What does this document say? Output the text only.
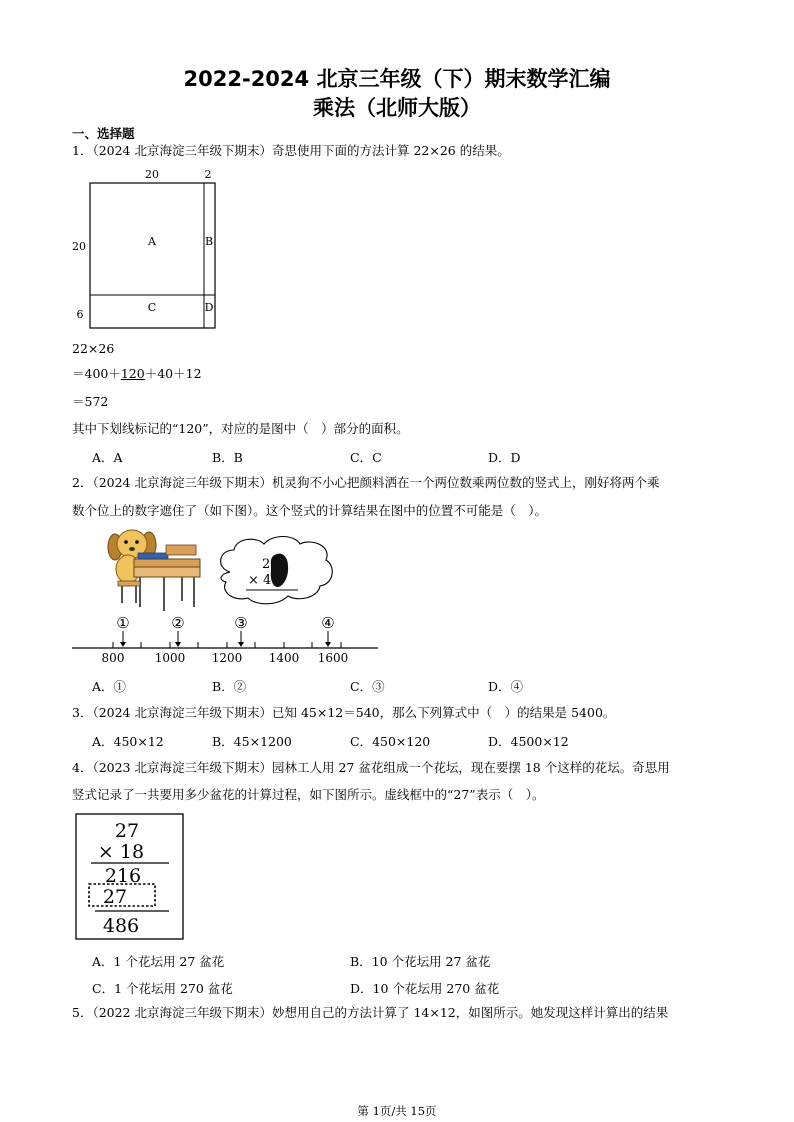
2022-2024 北京三年级（下）期末数学汇编
乘法（北师大版）
一、选择题
1．（2024 北京海淀三年级下期末）奇思使用下面的方法计算 22×26 的结果。
20	2
20
6
A	B
C	D
22×26
＝400＋120＋40＋12
＝572
其中下划线标记的“120”，对应的是图中（　）部分的面积。
A．A	B．B	C．C	D．D
2．（2024 北京海淀三年级下期末）机灵狗不小心把颜料洒在一个两位数乘两位数的竖式上，刚好将两个乘
数个位上的数字遮住了（如下图）。这个竖式的计算结果在图中的位置不可能是（　）。
2
× 4
①	②	③	④
800	1000 1200 1400 1600
A．①	B．②	C．③	D．④
3．（2024 北京海淀三年级下期末）已知 45×12＝540，那么下列算式中（　）的结果是 5400。
A．450×12	B．45×1200	C．450×120	D．4500×12
4．（2023 北京海淀三年级下期末）园林工人用 27 盆花组成一个花坛，现在要摆 18 个这样的花坛。奇思用
竖式记录了一共要用多少盆花的计算过程，如下图所示。虚线框中的“27”表示（　）。
27
× 18
216
27
486
A．1 个花坛用 27 盆花	B．10 个花坛用 27 盆花
C．1 个花坛用 270 盆花	D．10 个花坛用 270 盆花
5．（2022 北京海淀三年级下期末）妙想用自己的方法计算了 14×12，如图所示。她发现这样计算出的结果
第 1页/共 15页
